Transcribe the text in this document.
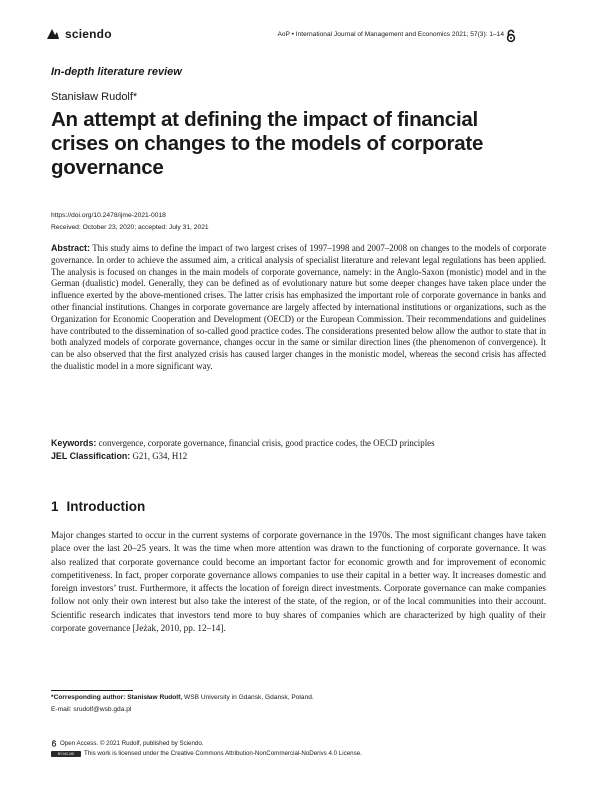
sciendo	AoP • International Journal of Management and Economics 2021; 57(3): 1–14
In-depth literature review
Stanisław Rudolf*
An attempt at defining the impact of financial crises on changes to the models of corporate governance
https://doi.org/10.2478/ijme-2021-0018
Received: October 23, 2020; accepted: July 31, 2021
Abstract: This study aims to define the impact of two largest crises of 1997–1998 and 2007–2008 on changes to the models of corporate governance. In order to achieve the assumed aim, a critical analysis of specialist literature and relevant legal regulations has been applied. The analysis is focused on changes in the main models of corporate governance, namely: in the Anglo-Saxon (monistic) model and in the German (dualistic) model. Generally, they can be defined as of evolutionary nature but some deeper changes have taken place under the influence exerted by the above-mentioned crises. The latter crisis has emphasized the important role of corporate governance in banks and other financial institutions. Changes in corporate governance are largely affected by international institutions or organizations, such as the Organization for Economic Cooperation and Development (OECD) or the European Commission. Their recommendations and guidelines have contributed to the dissemination of so-called good practice codes. The considerations presented below allow the author to state that in both analyzed models of corporate governance, changes occur in the same or similar direction lines (the phenomenon of convergence). It can be also observed that the first analyzed crisis has caused larger changes in the monistic model, whereas the second crisis has affected the dualistic model in a more significant way.
Keywords: convergence, corporate governance, financial crisis, good practice codes, the OECD principles
JEL Classification: G21, G34, H12
1 Introduction
Major changes started to occur in the current systems of corporate governance in the 1970s. The most significant changes have taken place over the last 20–25 years. It was the time when more attention was drawn to the functioning of corporate governance. It was also realized that corporate governance could become an important factor for economic growth and for improvement of economic competitiveness. In fact, proper corporate governance allows companies to use their capital in a better way. It increases domestic and foreign investors’ trust. Furthermore, it affects the location of foreign direct investments. Corporate governance can make companies follow not only their own interest but also take the interest of the state, of the region, or of the local communities into their account. Scientific research indicates that investors tend more to buy shares of companies which are characterized by high quality of their corporate governance [Jeżak, 2010, pp. 12–14].
*Corresponding author: Stanisław Rudolf, WSB University in Gdansk, Gdansk, Poland.
E-mail: srudolf@wsb.gda.pl
Open Access. © 2021 Rudolf, published by Sciendo.
BY-NC-ND This work is licensed under the Creative Commons Attribution-NonCommercial-NoDerivs 4.0 License.
